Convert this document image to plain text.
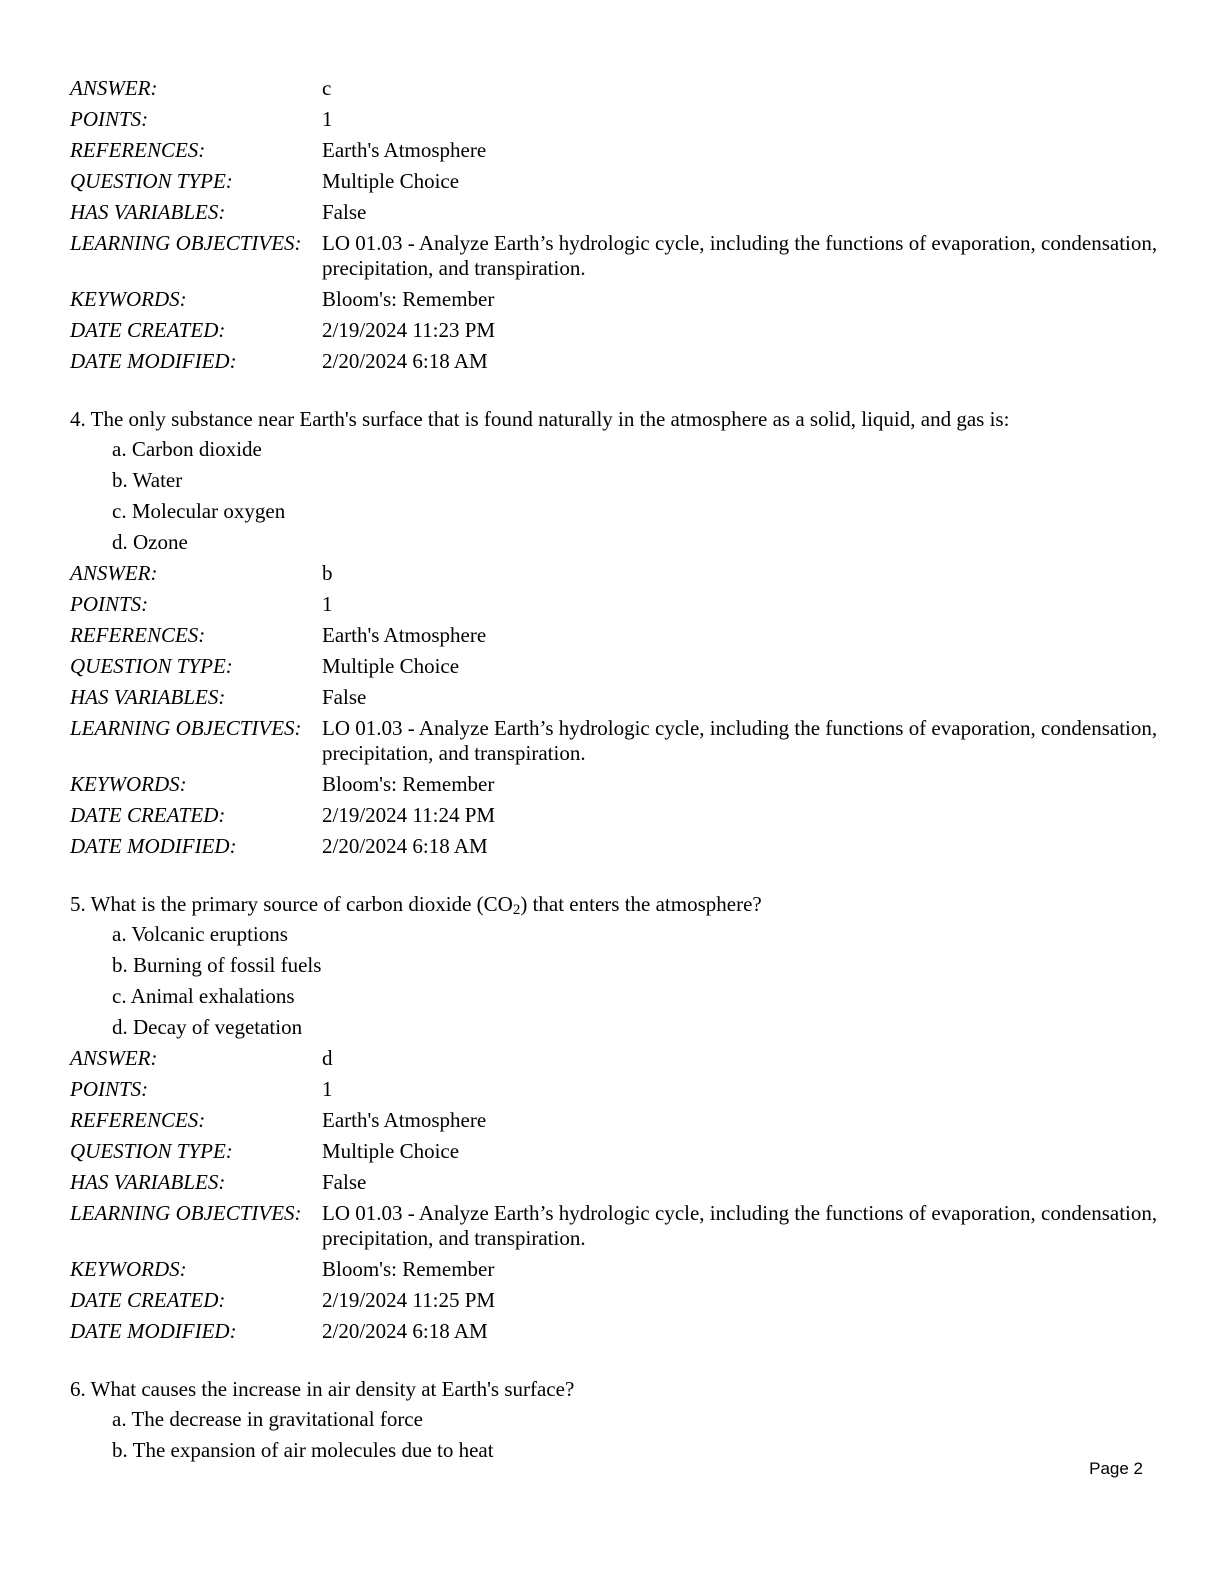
ANSWER:	c
POINTS:	1
REFERENCES:	Earth's Atmosphere
QUESTION TYPE:	Multiple Choice
HAS VARIABLES:	False
LEARNING OBJECTIVES: LO 01.03 - Analyze Earth’s hydrologic cycle, including the functions of evaporation, condensation, precipitation, and transpiration.
KEYWORDS:	Bloom's: Remember
DATE CREATED:	2/19/2024 11:23 PM
DATE MODIFIED:	2/20/2024 6:18 AM
4. The only substance near Earth's surface that is found naturally in the atmosphere as a solid, liquid, and gas is:
a. Carbon dioxide
b. Water
c. Molecular oxygen
d. Ozone
ANSWER:	b
POINTS:	1
REFERENCES:	Earth's Atmosphere
QUESTION TYPE:	Multiple Choice
HAS VARIABLES:	False
LEARNING OBJECTIVES: LO 01.03 - Analyze Earth’s hydrologic cycle, including the functions of evaporation, condensation, precipitation, and transpiration.
KEYWORDS:	Bloom's: Remember
DATE CREATED:	2/19/2024 11:24 PM
DATE MODIFIED:	2/20/2024 6:18 AM
5. What is the primary source of carbon dioxide $(CO_2)$ that enters the atmosphere?
a. Volcanic eruptions
b. Burning of fossil fuels
c. Animal exhalations
d. Decay of vegetation
ANSWER:	d
POINTS:	1
REFERENCES:	Earth's Atmosphere
QUESTION TYPE:	Multiple Choice
HAS VARIABLES:	False
LEARNING OBJECTIVES: LO 01.03 - Analyze Earth’s hydrologic cycle, including the functions of evaporation, condensation, precipitation, and transpiration.
KEYWORDS:	Bloom's: Remember
DATE CREATED:	2/19/2024 11:25 PM
DATE MODIFIED:	2/20/2024 6:18 AM
6. What causes the increase in air density at Earth's surface?
a. The decrease in gravitational force
b. The expansion of air molecules due to heat
Page 2
